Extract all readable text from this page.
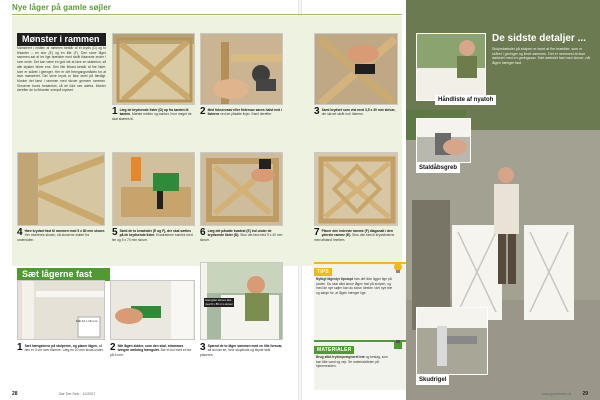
Nye låger på gamle søjler
Mønster i rammen
Mønsteret i midten af rammen består af et kryds (D) og to firkanter – en stor (E) og en lille (F). Den store låger sammen-sat af tre lige brædder med skråt tilsavede ender i hver ende. Det kan være en god idé at lave en skabelon, så alle stykker bliver ens. Den lille firkant består af fire lister, som er skåret i geringer. Her er det fremgangsmåden for at lave mønsteret. Det store kryds er ikke lavet på færdigt. Monter det først i rammen med skruer gennem rammen. Skruerne bores forsænket, så de ikke ses udefra. Monter derefter de to firkanter ovenpå krydset.
1 Læg de krydsende lister (D) op fra kanten til kanten. Mærke midten og marker, hvor meget de skal skæres til.
2 Med fukservsav eller fintersav saves halvt ned i listerne ved de påsatte linjer. Saml derefter.	3 Saml krydset som vist med 3,5 x 30 mm skruer, der skruet skråt ind i listerne.
4 Hæv krydset fast til rammen med 5 x 80 mm skruer. Her monteres skruen, så skruerne sidder fra undersiden.
5 Saml de to kvadrater (E og F), der skal sættes på de krydsende lister. Kvadraterne samles med lim og 5 x 70 mm skruer.
6 Læg det påsatte kvadrat (E) ind under de krydsende lister (D). Skru det fast med 5 x 40 mm skruer.
7 Placer den inderste ramme (F) diagonalt i den yderste ramme (E). Skru den fast til krydslisterne med afstand imellem.
Sæt lågerne fast
Mål 12 x 16 mm
Hængslet skrues fast med 6 x 80 mm skruer
1 Sæt hængslerne på stolperne, og placer lågen, så den er 3 cm over fliserne. Læg en 20 mm klods under. 2 Når lågen sidder, som den skal, strammes tvingen omkring hængslet. Bor et hul med et bor på 6 mm.
3 Spænd de to låger sammen med en lille forsvar, så du kan se, hvor stopklods og skyde skal placeres.
TIPS
Nyttigt lågestyr tipstopt hvis det ikke ligger lige på jorden. Du skal altid skrue lågen fast på stolpen, og med de nye søjler kan du skrue direkte i det nye træ og sørge for, at lågen hænger lige.
MATERIALER
Brug altid trykimprægneret træ og beslag, som kan tåle vand og vejr. Se materialelisten på hjemmesiden.
Håndliste af nyatoh
Staldåbsgreb
Skudrigel
De sidste detaljer ...
Stolpedækslet på stolpen er lavet af fire brædder, som er skåret i geringer og limet sammen. Det er nemmest at lave dækslet med en geringssav. Sæt dækslet fast med skruer, når lågen hænger fast.
28	Gør Det Selv · 11/2007	www.gordetselv.dk 29
